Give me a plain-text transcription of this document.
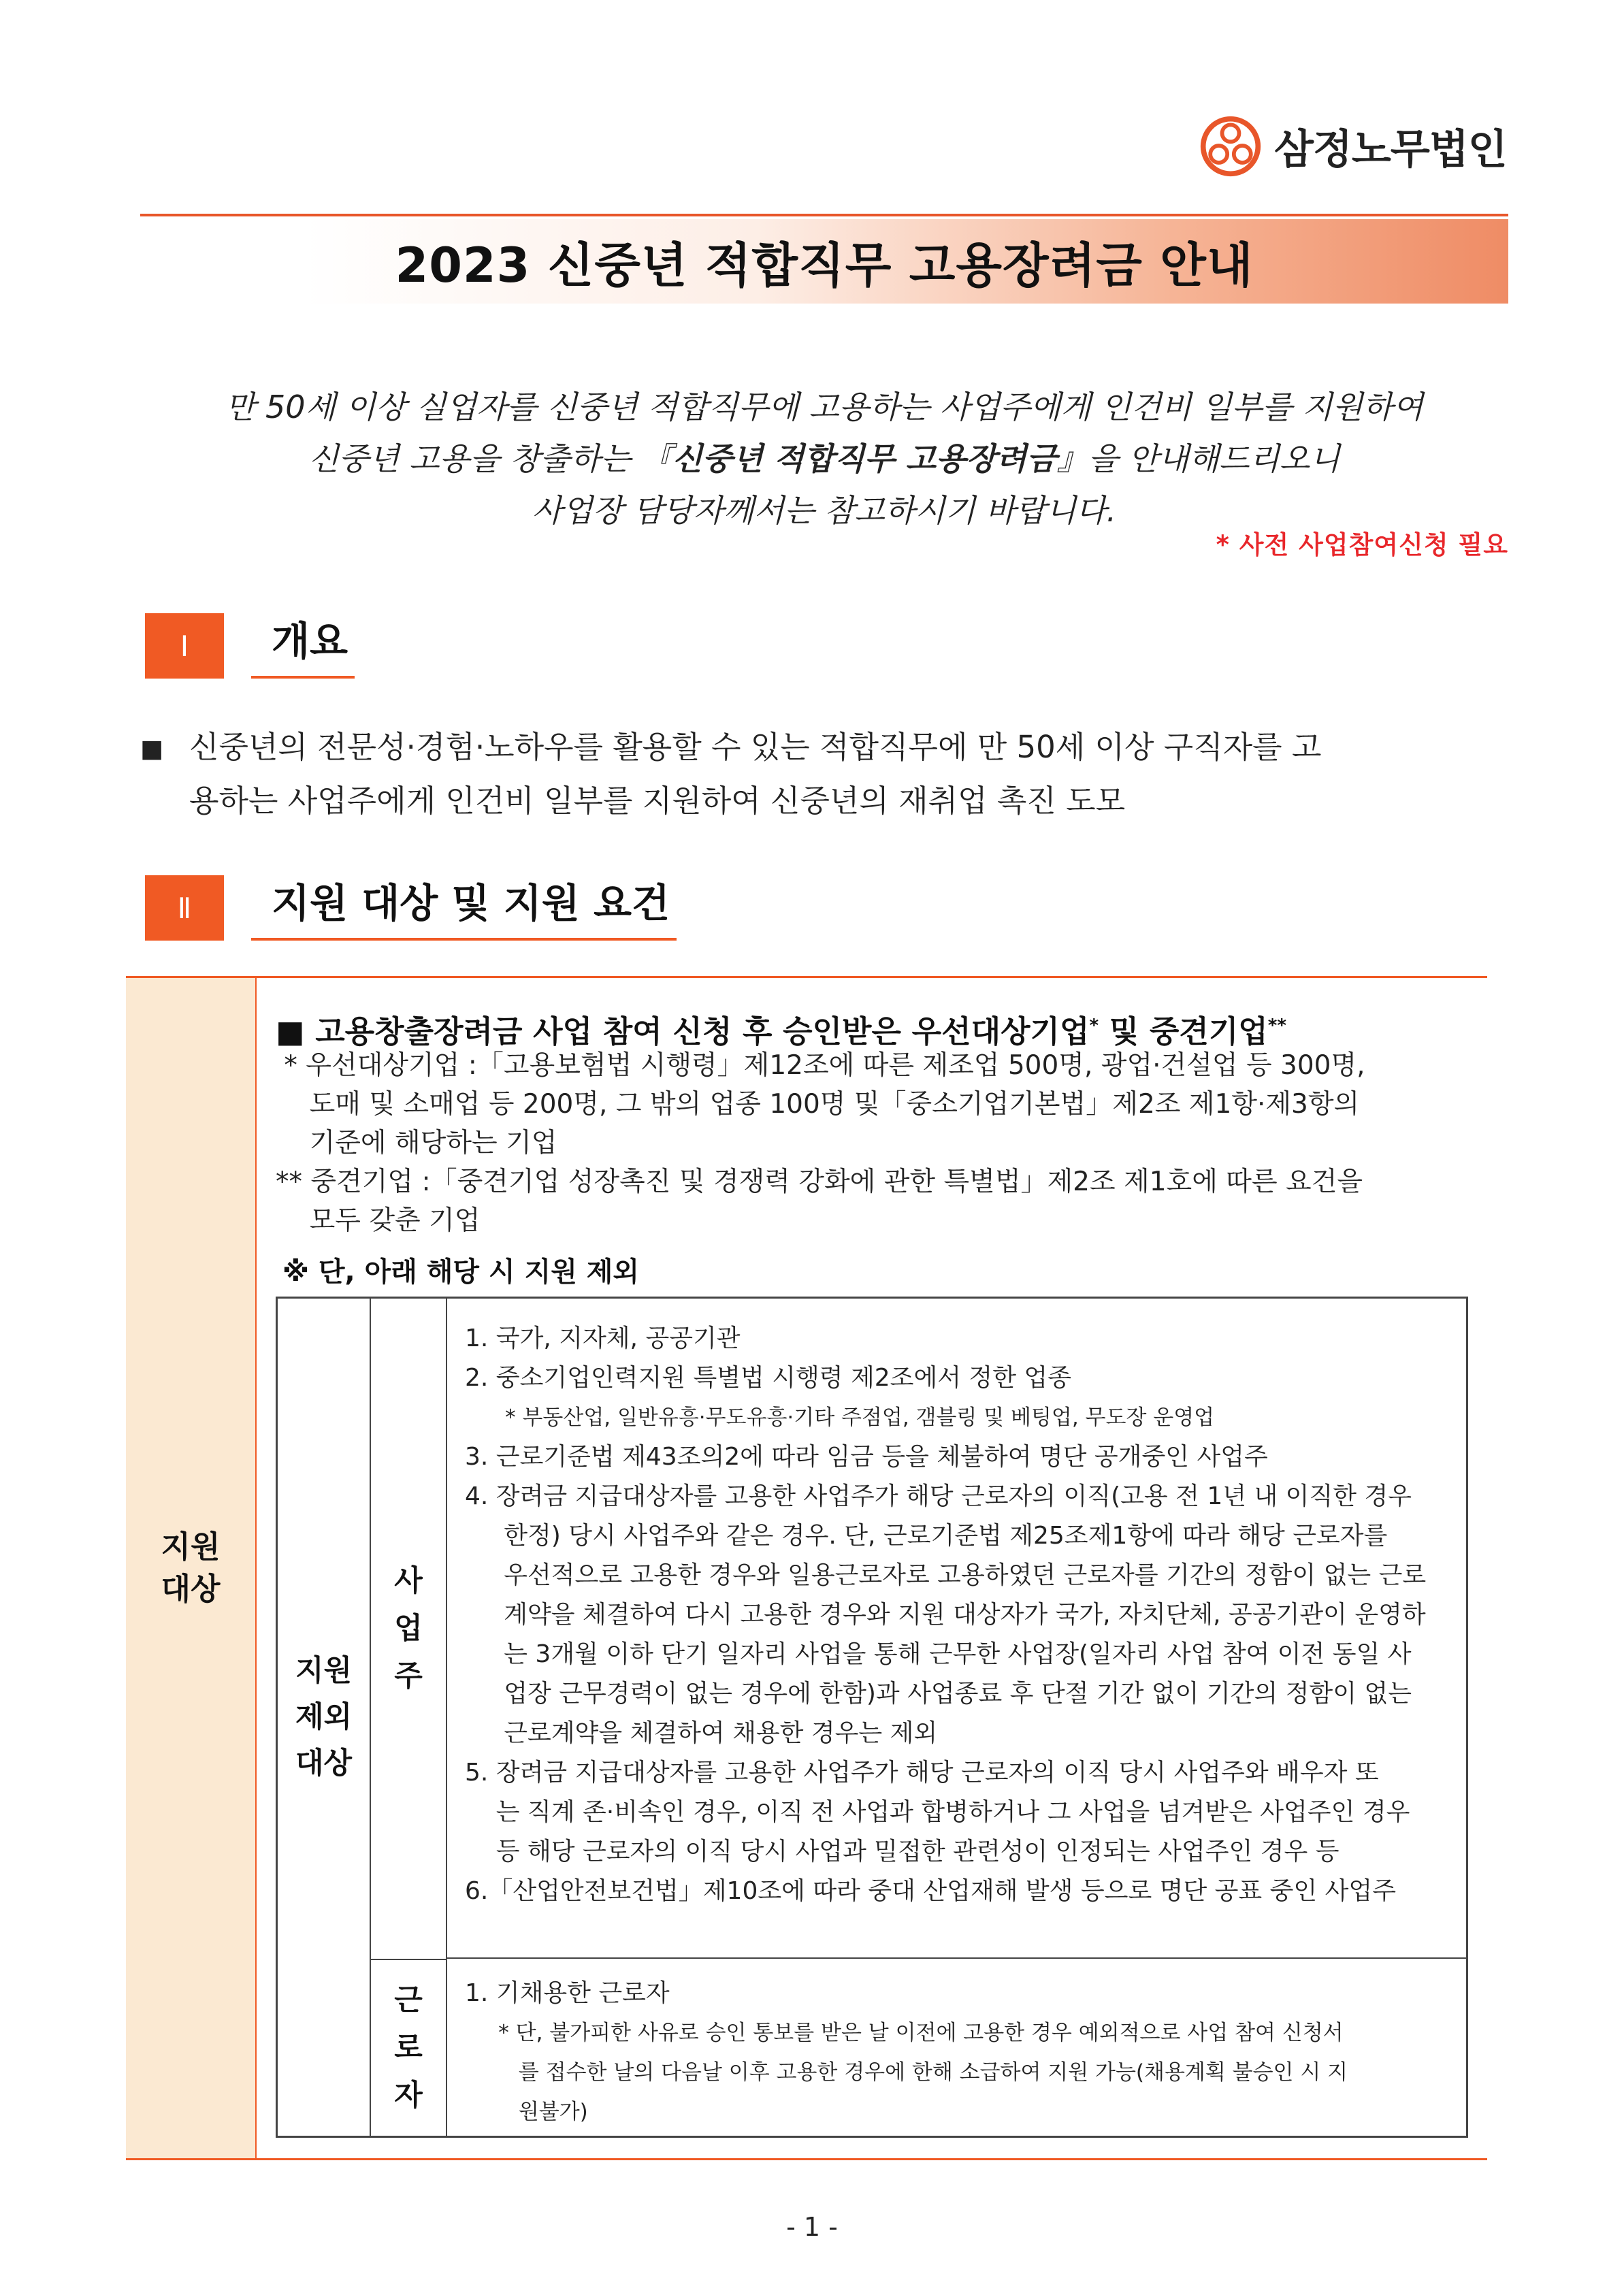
삼정노무법인
2023 신중년 적합직무 고용장려금 안내

만 50세 이상 실업자를 신중년 적합직무에 고용하는 사업주에게 인건비 일부를 지원하여

신중년 고용을 창출하는 『신중년 적합직무 고용장려금』을 안내해드리오니

사업장 담당자께서는 참고하시기 바랍니다.

* 사전 사업참여신청 필요
Ⅰ	개요

■ 신중년의 전문성·경험·노하우를 활용할 수 있는 적합직무에 만 50세 이상 구직자를 고

용하는 사업주에게 인건비 일부를 지원하여 신중년의 재취업 촉진 도모

Ⅱ	지원 대상 및 지원 요건
지원
대상
■ 고용창출장려금 사업 참여 신청 후 승인받은 우선대상기업* 및 중견기업**

* 우선대상기업 :「고용보험법 시행령」제12조에 따른 제조업 500명, 광업·건설업 등 300명,

도매 및 소매업 등 200명, 그 밖의 업종 100명 및「중소기업기본법」제2조 제1항·제3항의

기준에 해당하는 기업

** 중견기업 :「중견기업 성장촉진 및 경쟁력 강화에 관한 특별법」제2조 제1호에 따른 요건을

모두 갖춘 기업

※ 단, 아래 해당 시 지원 제외
지원
제외
대상
사
업
주

1. 국가, 지자체, 공공기관

2. 중소기업인력지원 특별법 시행령 제2조에서 정한 업종

* 부동산업, 일반유흥·무도유흥·기타 주점업, 갬블링 및 베팅업, 무도장 운영업

3. 근로기준법 제43조의2에 따라 임금 등을 체불하여 명단 공개중인 사업주

4. 장려금 지급대상자를 고용한 사업주가 해당 근로자의 이직(고용 전 1년 내 이직한 경우

한정) 당시 사업주와 같은 경우. 단, 근로기준법 제25조제1항에 따라 해당 근로자를

우선적으로 고용한 경우와 일용근로자로 고용하였던 근로자를 기간의 정함이 없는 근로

계약을 체결하여 다시 고용한 경우와 지원 대상자가 국가, 자치단체, 공공기관이 운영하

는 3개월 이하 단기 일자리 사업을 통해 근무한 사업장(일자리 사업 참여 이전 동일 사

업장 근무경력이 없는 경우에 한함)과 사업종료 후 단절 기간 없이 기간의 정함이 없는

근로계약을 체결하여 채용한 경우는 제외

5. 장려금 지급대상자를 고용한 사업주가 해당 근로자의 이직 당시 사업주와 배우자 또

는 직계 존·비속인 경우, 이직 전 사업과 합병하거나 그 사업을 넘겨받은 사업주인 경우

등 해당 근로자의 이직 당시 사업과 밀접한 관련성이 인정되는 사업주인 경우 등

6.「산업안전보건법」제10조에 따라 중대 산업재해 발생 등으로 명단 공표 중인 사업주

근
로
자

1. 기채용한 근로자

* 단, 불가피한 사유로 승인 통보를 받은 날 이전에 고용한 경우 예외적으로 사업 참여 신청서

를 접수한 날의 다음날 이후 고용한 경우에 한해 소급하여 지원 가능(채용계획 불승인 시 지

원불가)

- 1 -
